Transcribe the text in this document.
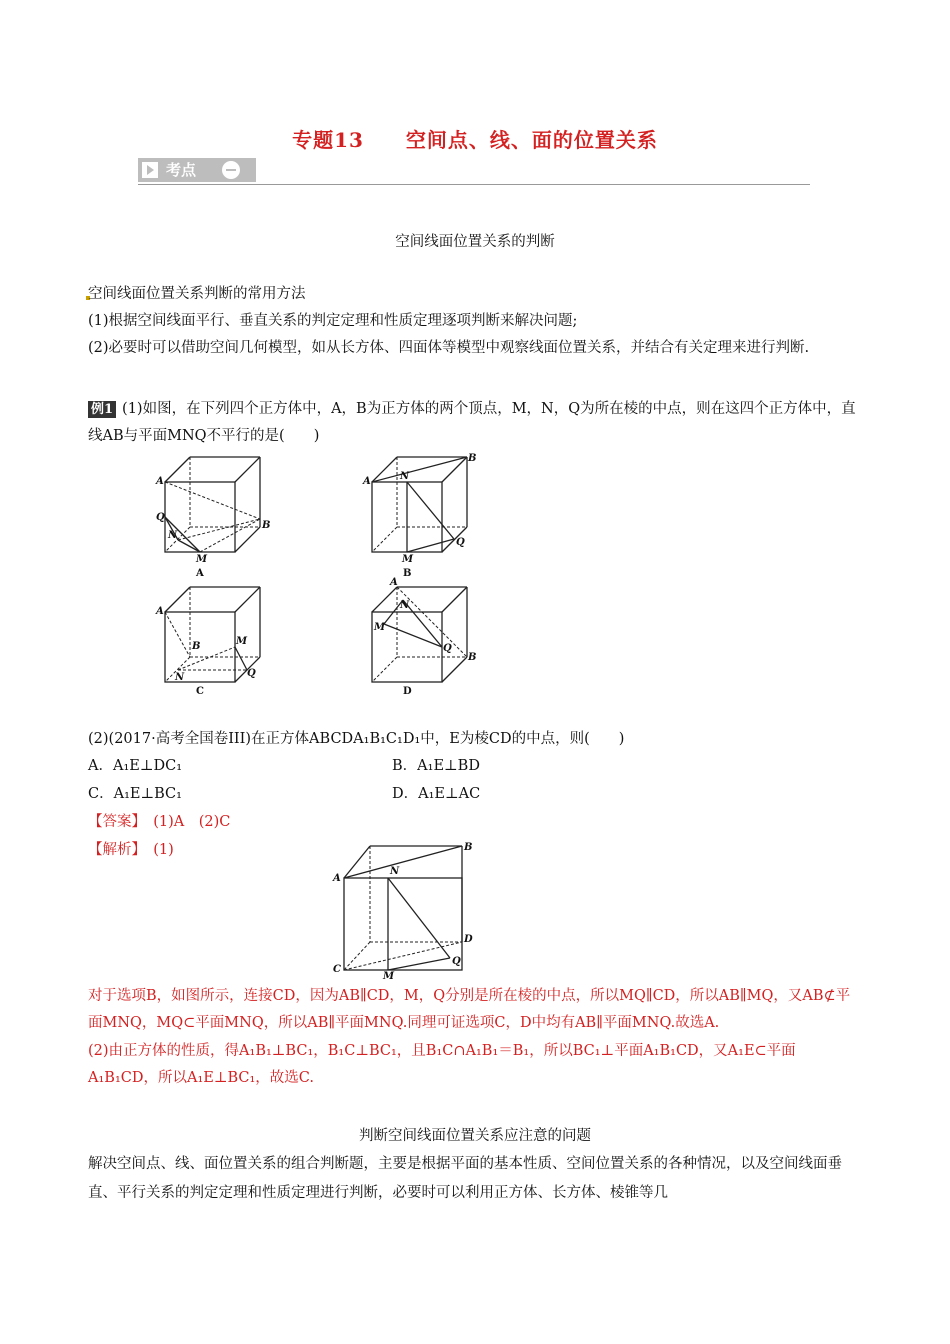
专题13　　空间点、线、面的位置关系
考点
空间线面位置关系的判断
空间线面位置关系判断的常用方法
(1)根据空间线面平行、垂直关系的判定定理和性质定理逐项判断来解决问题;
(2)必要时可以借助空间几何模型，如从长方体、四面体等模型中观察线面位置关系，并结合有关定理来进行判断.
例1 (1)如图，在下列四个正方体中，A，B为正方体的两个顶点，M，N，Q为所在棱的中点，则在这四个正方体中，直线AB与平面MNQ不平行的是(　　)
A
Q
N
M
B
A
A	N
B
Q
M
B
A
B	M
Q
N
C
A
N
M
Q
B
D
(2)(2017·高考全国卷III)在正方体ABCDA₁B₁C₁D₁中，E为棱CD的中点，则(　　)
A．A₁E⊥DC₁	B．A₁E⊥BD
C．A₁E⊥BC₁	D．A₁E⊥AC
【答案】　 (1)A　(2)C
【解析】　 (1)
A
B
N
D
Q
C
M
对于选项B，如图所示，连接CD，因为AB∥CD，M，Q分别是所在棱的中点，所以MQ∥CD，所以AB∥MQ，又AB⊄平面MNQ，MQ⊂平面MNQ，所以AB∥平面MNQ.同理可证选项C，D中均有AB∥平面MNQ.故选A.
(2)由正方体的性质，得A₁B₁⊥BC₁，B₁C⊥BC₁，且B₁C∩A₁B₁＝B₁，所以BC₁⊥平面A₁B₁CD，又A₁E⊂平面A₁B₁CD，所以A₁E⊥BC₁，故选C.
判断空间线面位置关系应注意的问题
解决空间点、线、面位置关系的组合判断题，主要是根据平面的基本性质、空间位置关系的各种情况，以及空间线面垂直、平行关系的判定定理和性质定理进行判断，必要时可以利用正方体、长方体、棱锥等几
